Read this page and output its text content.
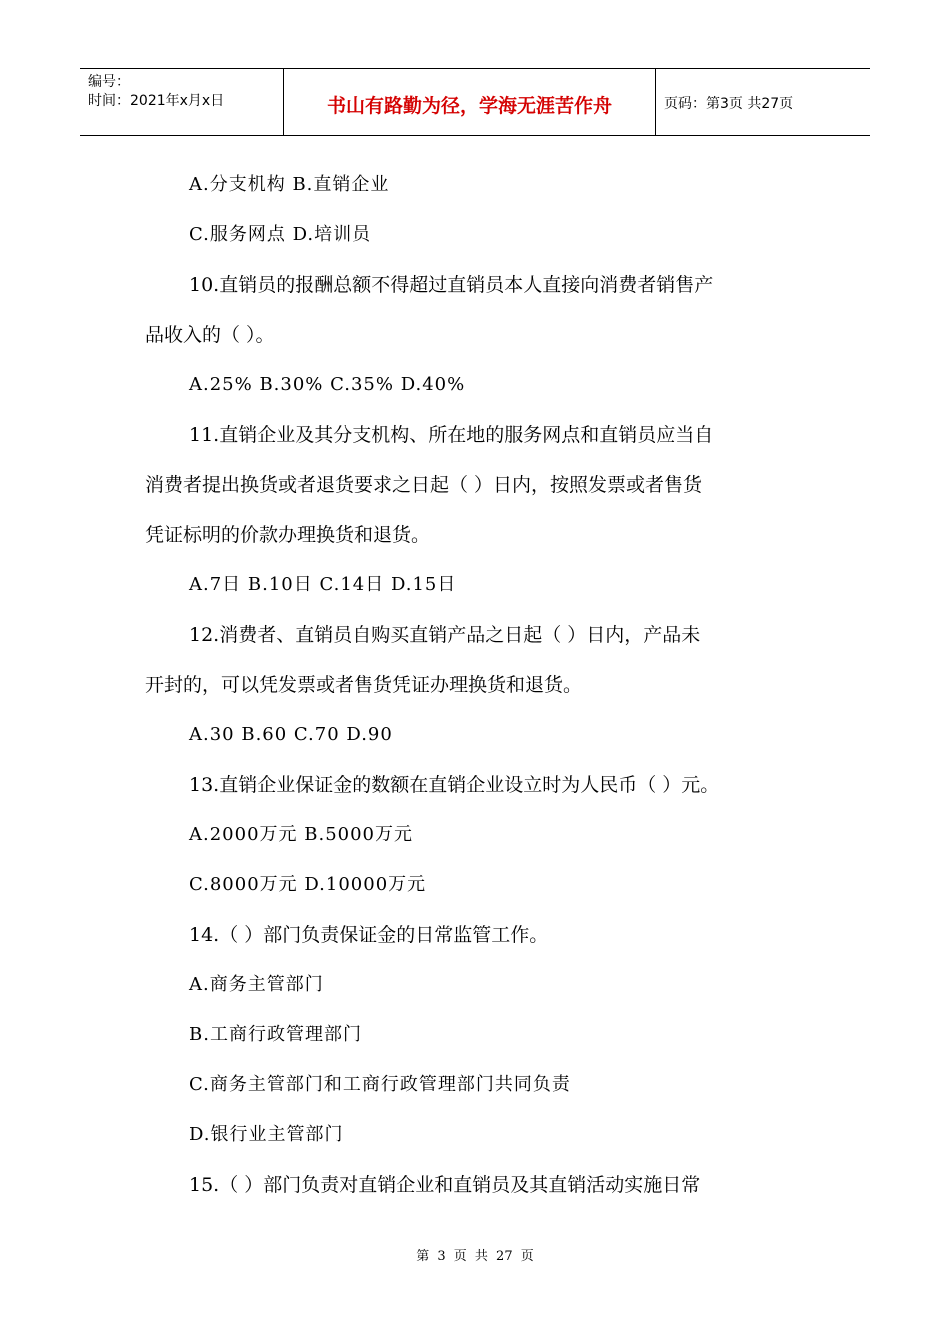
编号：
时间：2021年x月x日	书山有路勤为径，学海无涯苦作舟	页码：第3页 共27页
A.分支机构 B.直销企业
C.服务网点 D.培训员
10.直销员的报酬总额不得超过直销员本人直接向消费者销售产
品收入的（ ）。
A.25% B.30% C.35% D.40%
11.直销企业及其分支机构、所在地的服务网点和直销员应当自
消费者提出换货或者退货要求之日起（ ）日内，按照发票或者售货
凭证标明的价款办理换货和退货。
A.7日 B.10日 C.14日 D.15日
12.消费者、直销员自购买直销产品之日起（ ）日内，产品未
开封的，可以凭发票或者售货凭证办理换货和退货。
A.30 B.60 C.70 D.90
13.直销企业保证金的数额在直销企业设立时为人民币（ ）元。
A.2000万元 B.5000万元
C.8000万元 D.10000万元
14.（ ）部门负责保证金的日常监管工作。
A.商务主管部门
B.工商行政管理部门
C.商务主管部门和工商行政管理部门共同负责
D.银行业主管部门
15.（ ）部门负责对直销企业和直销员及其直销活动实施日常
第 3 页 共 27 页
